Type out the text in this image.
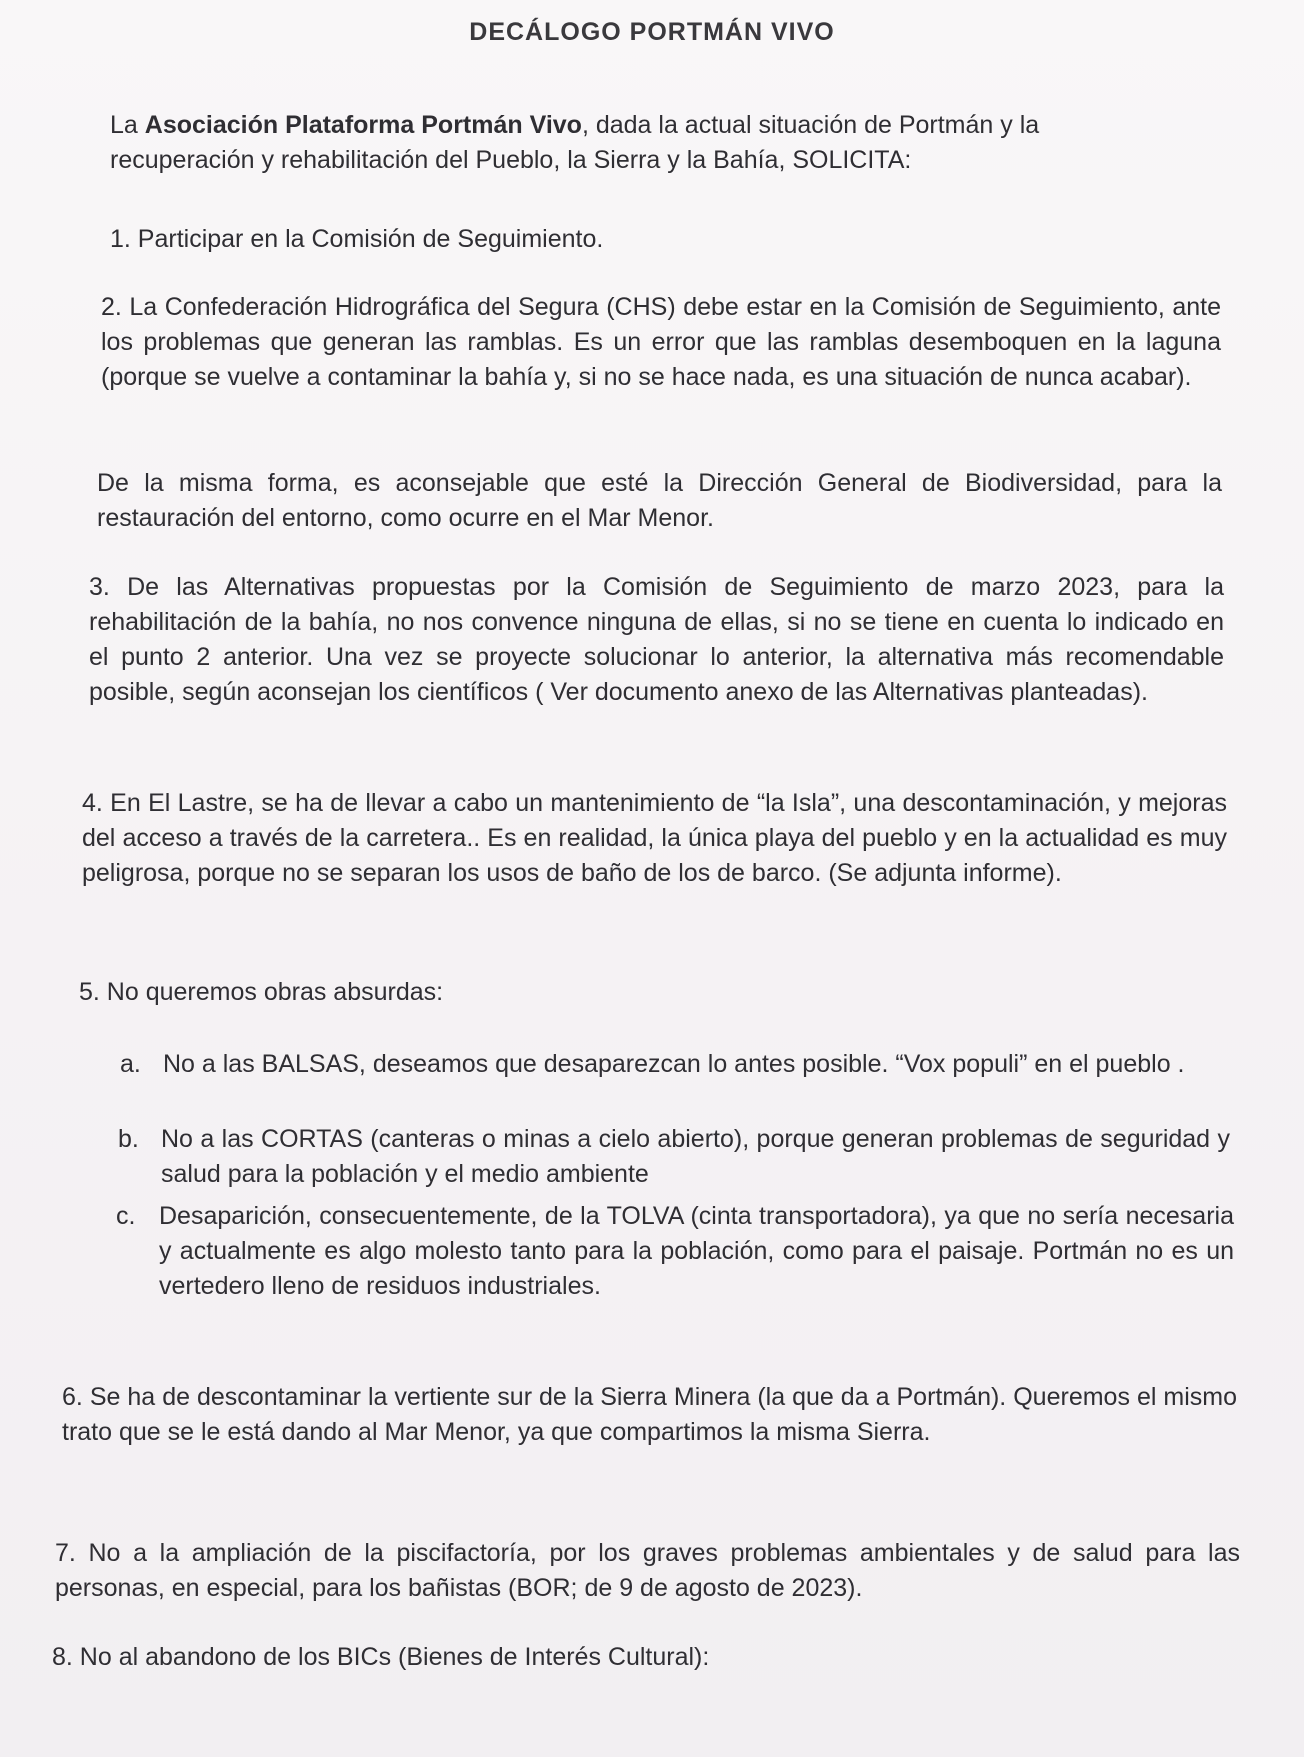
DECÁLOGO PORTMÁN VIVO
La Asociación Plataforma Portmán Vivo, dada la actual situación de Portmán y la recuperación y rehabilitación del Pueblo, la Sierra y la Bahía, SOLICITA:
1. Participar en la Comisión de Seguimiento.
2. La Confederación Hidrográfica del Segura (CHS) debe estar en la Comisión de Seguimiento, ante los problemas que generan las ramblas. Es un error que las ramblas desemboquen en la laguna (porque se vuelve a contaminar la bahía y, si no se hace nada, es una situación de nunca acabar).
De la misma forma, es aconsejable que esté la Dirección General de Biodiversidad, para la restauración del entorno, como ocurre en el Mar Menor.
3. De las Alternativas propuestas por la Comisión de Seguimiento de marzo 2023, para la rehabilitación de la bahía, no nos convence ninguna de ellas, si no se tiene en cuenta lo indicado en el punto 2 anterior. Una vez se proyecte solucionar lo anterior, la alternativa más recomendable posible, según aconsejan los científicos ( Ver documento anexo de las Alternativas planteadas).
4. En El Lastre, se ha de llevar a cabo un mantenimiento de “la Isla”, una descontaminación, y mejoras del acceso a través de la carretera.. Es en realidad, la única playa del pueblo y en la actualidad es muy peligrosa, porque no se separan los usos de baño de los de barco. (Se adjunta informe).
5. No queremos obras absurdas:
a. No a las BALSAS, deseamos que desaparezcan lo antes posible. “Vox populi” en el pueblo .
b. No a las CORTAS (canteras o minas a cielo abierto), porque generan problemas de seguridad y salud para la población y el medio ambiente
c. Desaparición, consecuentemente, de la TOLVA (cinta transportadora), ya que no sería necesaria y actualmente es algo molesto tanto para la población, como para el paisaje. Portmán no es un vertedero lleno de residuos industriales.
6. Se ha de descontaminar la vertiente sur de la Sierra Minera (la que da a Portmán). Queremos el mismo trato que se le está dando al Mar Menor, ya que compartimos la misma Sierra.
7. No a la ampliación de la piscifactoría, por los graves problemas ambientales y de salud para las personas, en especial, para los bañistas (BOR; de 9 de agosto de 2023).
8. No al abandono de los BICs (Bienes de Interés Cultural):
